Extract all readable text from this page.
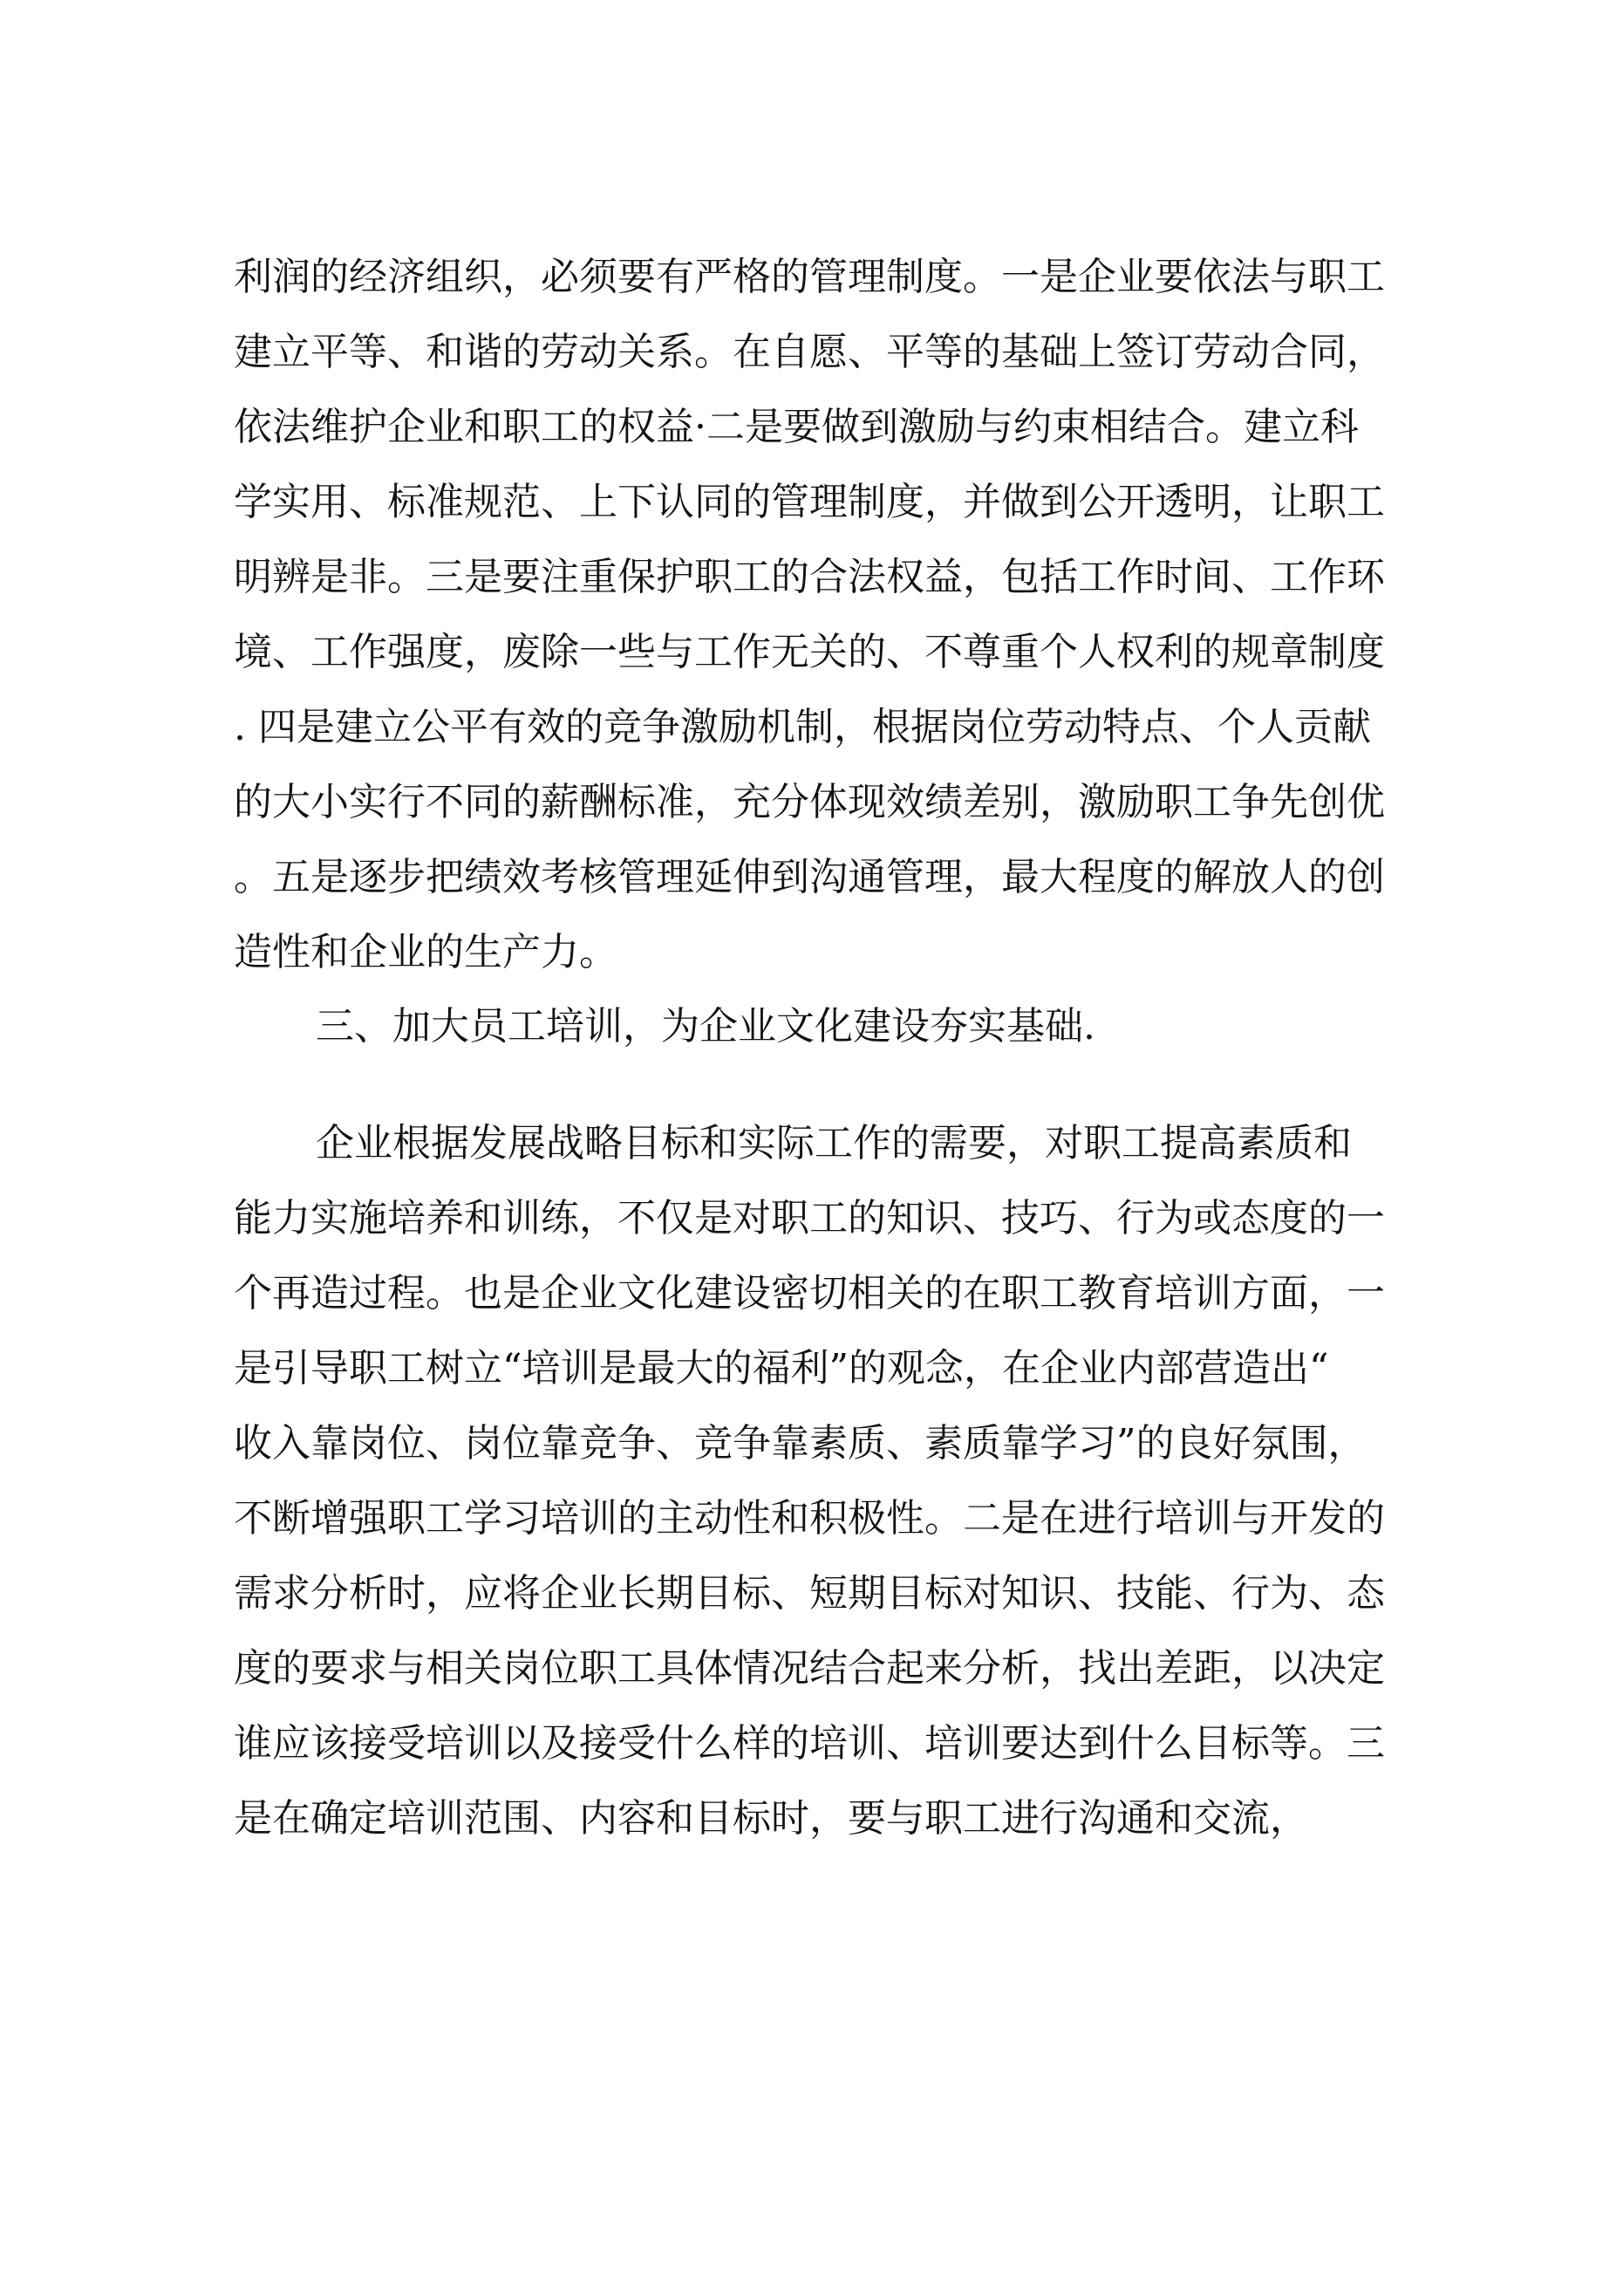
利润的经济组织，必须要有严格的管理制度。一是企业要依法与职工
建立平等、和谐的劳动关系。在自愿、平等的基础上签订劳动合同，
依法维护企业和职工的权益·二是要做到激励与约束相结合。建立科
学实用、标准规范、上下认同的管理制度，并做到公开透明，让职工
明辨是非。三是要注重保护职工的合法权益，包括工作时间、工作环
境、工作强度，废除一些与工作无关的、不尊重个人权利的规章制度
. 四是建立公平有效的竞争激励机制，根据岗位劳动特点、个人贡献
的大小实行不同的薪酬标准，充分体现效绩差别，激励职工争先创优
。五是逐步把绩效考核管理延伸到沟通管理，最大程度的解放人的创
造性和企业的生产力。
三、加大员工培训，为企业文化建设夯实基础.
企业根据发展战略目标和实际工作的需要，对职工提高素质和
能力实施培养和训练，不仅是对职工的知识、技巧、行为或态度的一
个再造过程。也是企业文化建设密切相关的在职工教育培训方面，一
是引导职工树立“培训是最大的福利”的观念，在企业内部营造出“
收入靠岗位、岗位靠竞争、竞争靠素质、素质靠学习”的良好氛围，
不断增强职工学习培训的主动性和积极性。二是在进行培训与开发的
需求分析时，应将企业长期目标、短期目标对知识、技能、行为、态
度的要求与相关岗位职工具体情况结合起来分析，找出差距，以决定
谁应该接受培训以及接受什么样的培训、培训要达到什么目标等。三
是在确定培训范围、内容和目标时，要与职工进行沟通和交流，
